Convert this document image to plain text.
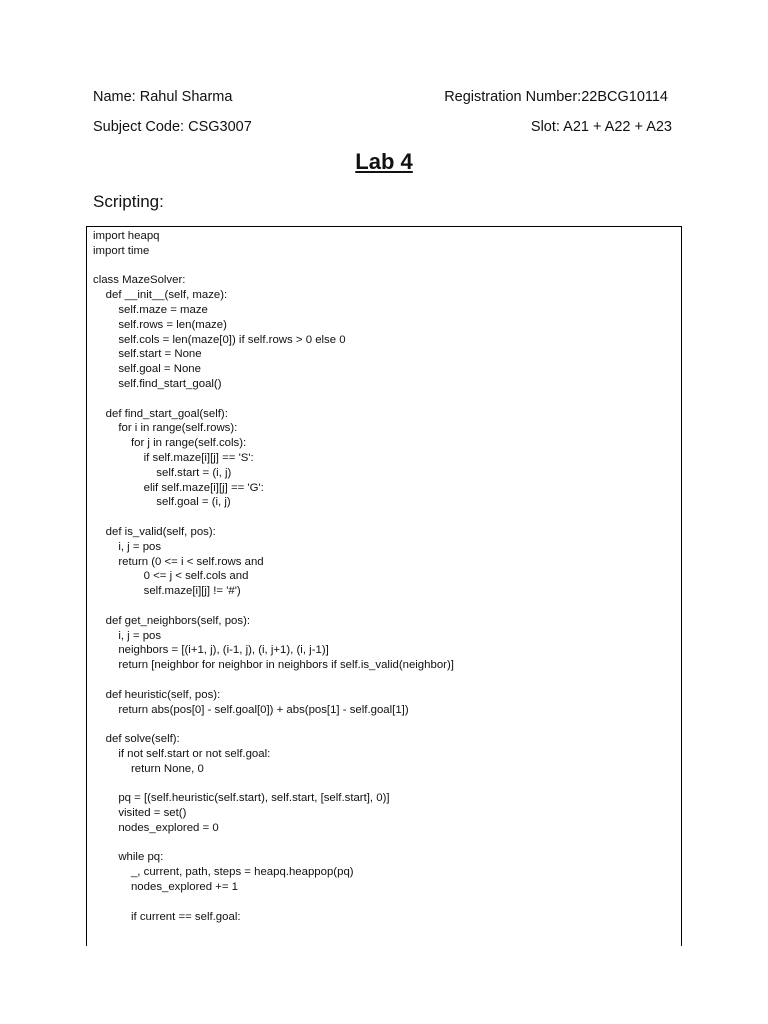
Name: Rahul Sharma	Registration Number:22BCG10114
Subject Code: CSG3007	Slot: A21 + A22 + A23
Lab 4
Scripting:
import heapq
import time
class MazeSolver:
def __init__(self, maze):
self.maze = maze
self.rows = len(maze)
self.cols = len(maze[0]) if self.rows > 0 else 0
self.start = None
self.goal = None
self.find_start_goal()
def find_start_goal(self):
for i in range(self.rows):
for j in range(self.cols):
if self.maze[i][j] == 'S':
self.start = (i, j)
elif self.maze[i][j] == 'G':
self.goal = (i, j)
def is_valid(self, pos):
i, j = pos
return (0 <= i < self.rows and
0 <= j < self.cols and
self.maze[i][j] != '#')
def get_neighbors(self, pos):
i, j = pos
neighbors = [(i+1, j), (i-1, j), (i, j+1), (i, j-1)]
return [neighbor for neighbor in neighbors if self.is_valid(neighbor)]
def heuristic(self, pos):
return abs(pos[0] - self.goal[0]) + abs(pos[1] - self.goal[1])
def solve(self):
if not self.start or not self.goal:
return None, 0
pq = [(self.heuristic(self.start), self.start, [self.start], 0)]
visited = set()
nodes_explored = 0
while pq:
_, current, path, steps = heapq.heappop(pq)
nodes_explored += 1
if current == self.goal:
